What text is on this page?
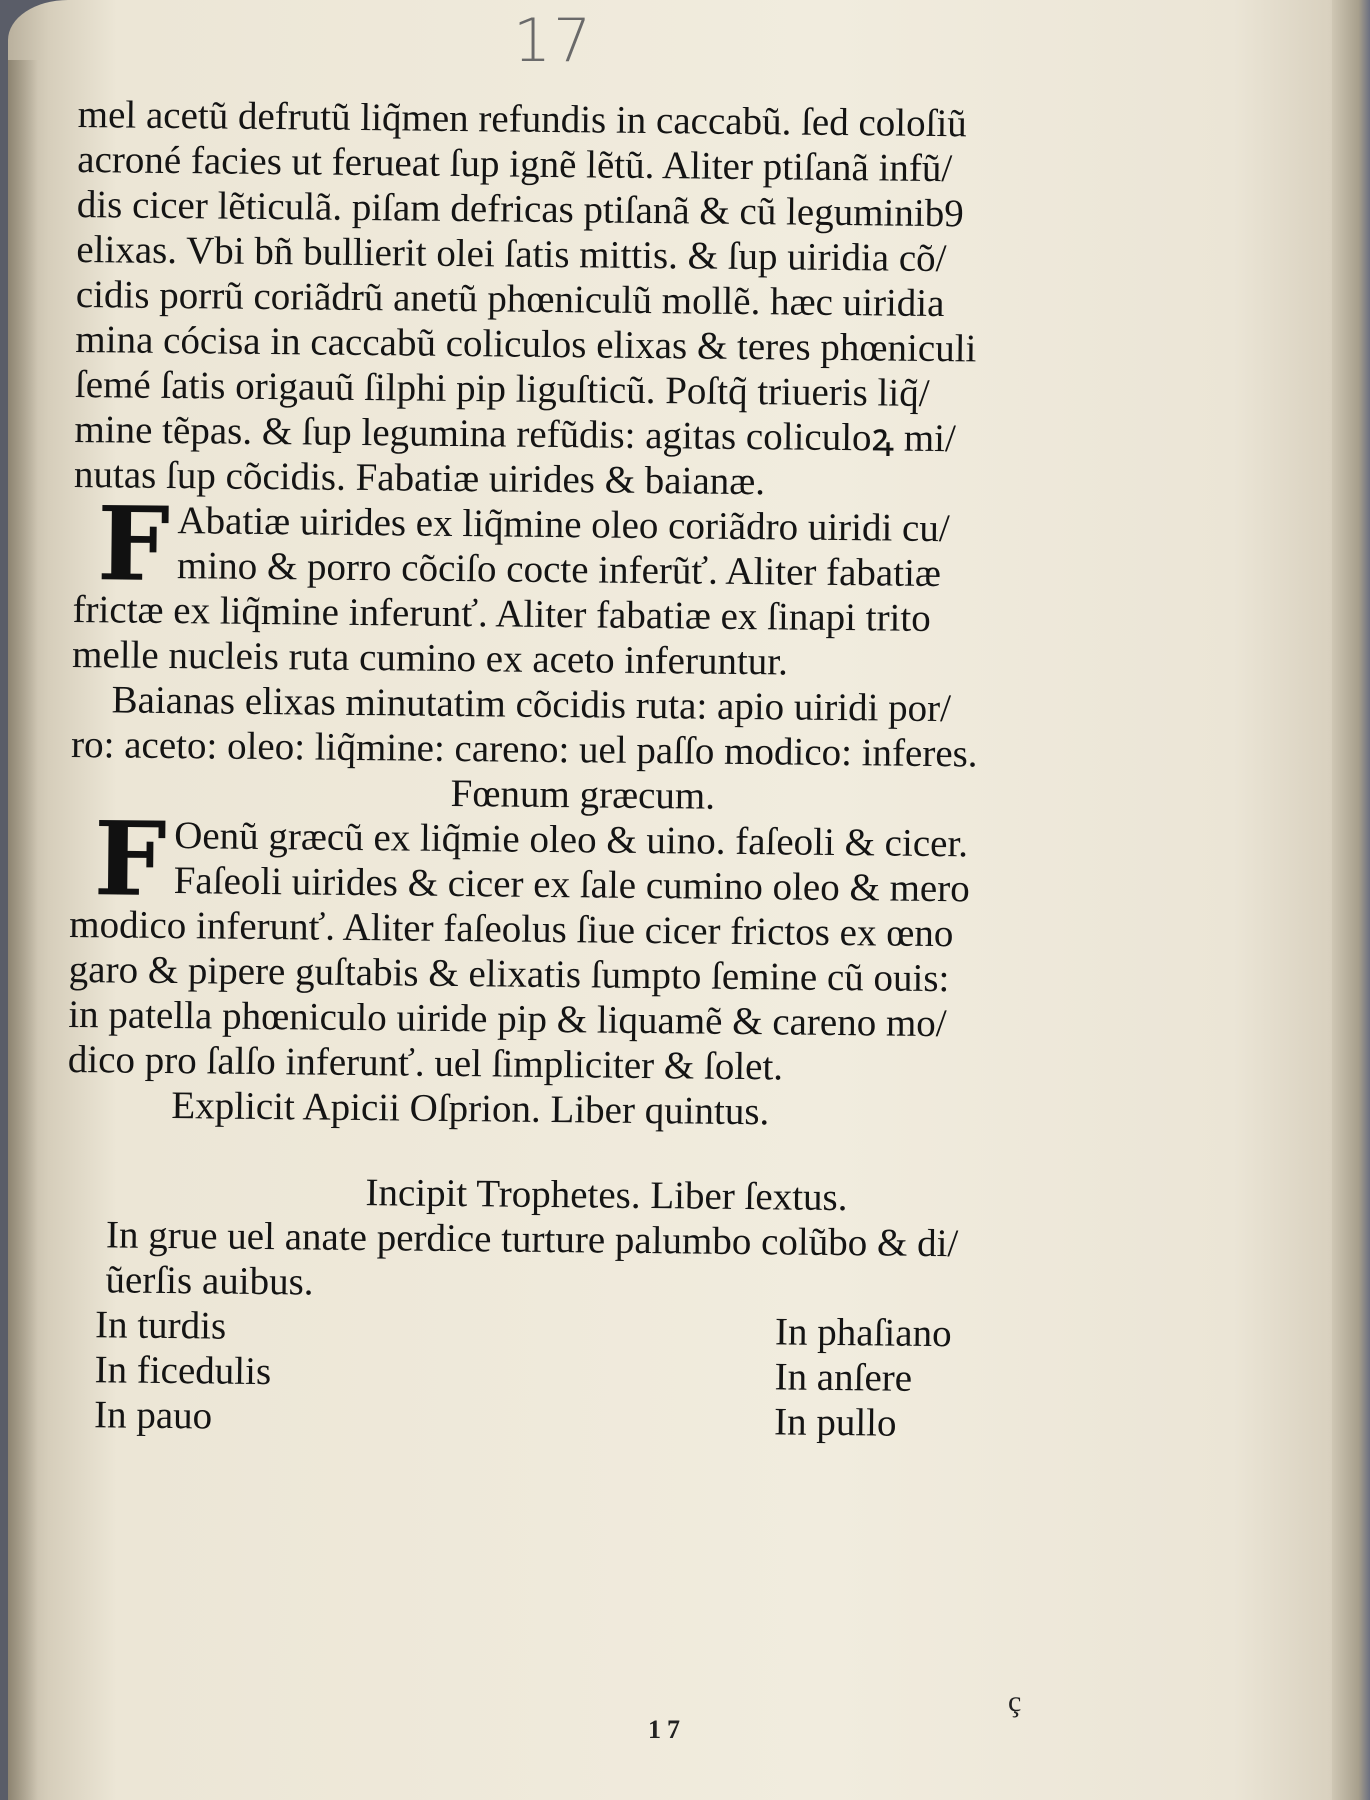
17
mel acetũ defrutũ liq̃men refundis in caccabũ. ſed coloſiũ
acroné facies ut ferueat ſup ignẽ lẽtũ. Aliter ptiſanã infũ/
dis cicer lẽticulã. piſam defricas ptiſanã & cũ leguminib9
elixas. Vbi bñ bullierit olei ſatis mittis. & ſup uiridia cõ/
cidis porrũ coriãdrũ anetũ phœniculũ mollẽ. hæc uiridia
mina cócisa in caccabũ coliculos elixas & teres phœniculi
ſemé ſatis origauũ ſilphi pip liguſticũ. Poſtq̃ triueris liq̃/
mine tẽpas. & ſup legumina refũdis: agitas coliculoꝝ mi/
nutas ſup cõcidis. Fabatiæ uirides & baianæ.
F Abatiæ uirides ex liq̃mine oleo coriãdro uiridi cu/
mino & porro cõciſo cocte inferũť. Aliter fabatiæ
frictæ ex liq̃mine inferunť. Aliter fabatiæ ex ſinapi trito
melle nucleis ruta cumino ex aceto inferuntur.
Baianas elixas minutatim cõcidis ruta: apio uiridi por/
ro: aceto: oleo: liq̃mine: careno: uel paſſo modico: inferes.
Fœnum græcum.
F Oenũ græcũ ex liq̃mie oleo & uino. faſeoli & cicer.
Faſeoli uirides & cicer ex ſale cumino oleo & mero
modico inferunť. Aliter faſeolus ſiue cicer frictos ex œno
garo & pipere guſtabis & elixatis ſumpto ſemine cũ ouis:
in patella phœniculo uiride pip & liquamẽ & careno mo/
dico pro ſalſo inferunť. uel ſimpliciter & ſolet.
Explicit Apicii Oſprion. Liber quintus.
Incipit Trophetes. Liber ſextus.
In grue uel anate perdice turture palumbo colũbo & di/
ũerſis auibus.
In turdis	In phaſiano
In ficedulis	In anſere
In pauo	In pullo
ç
17
